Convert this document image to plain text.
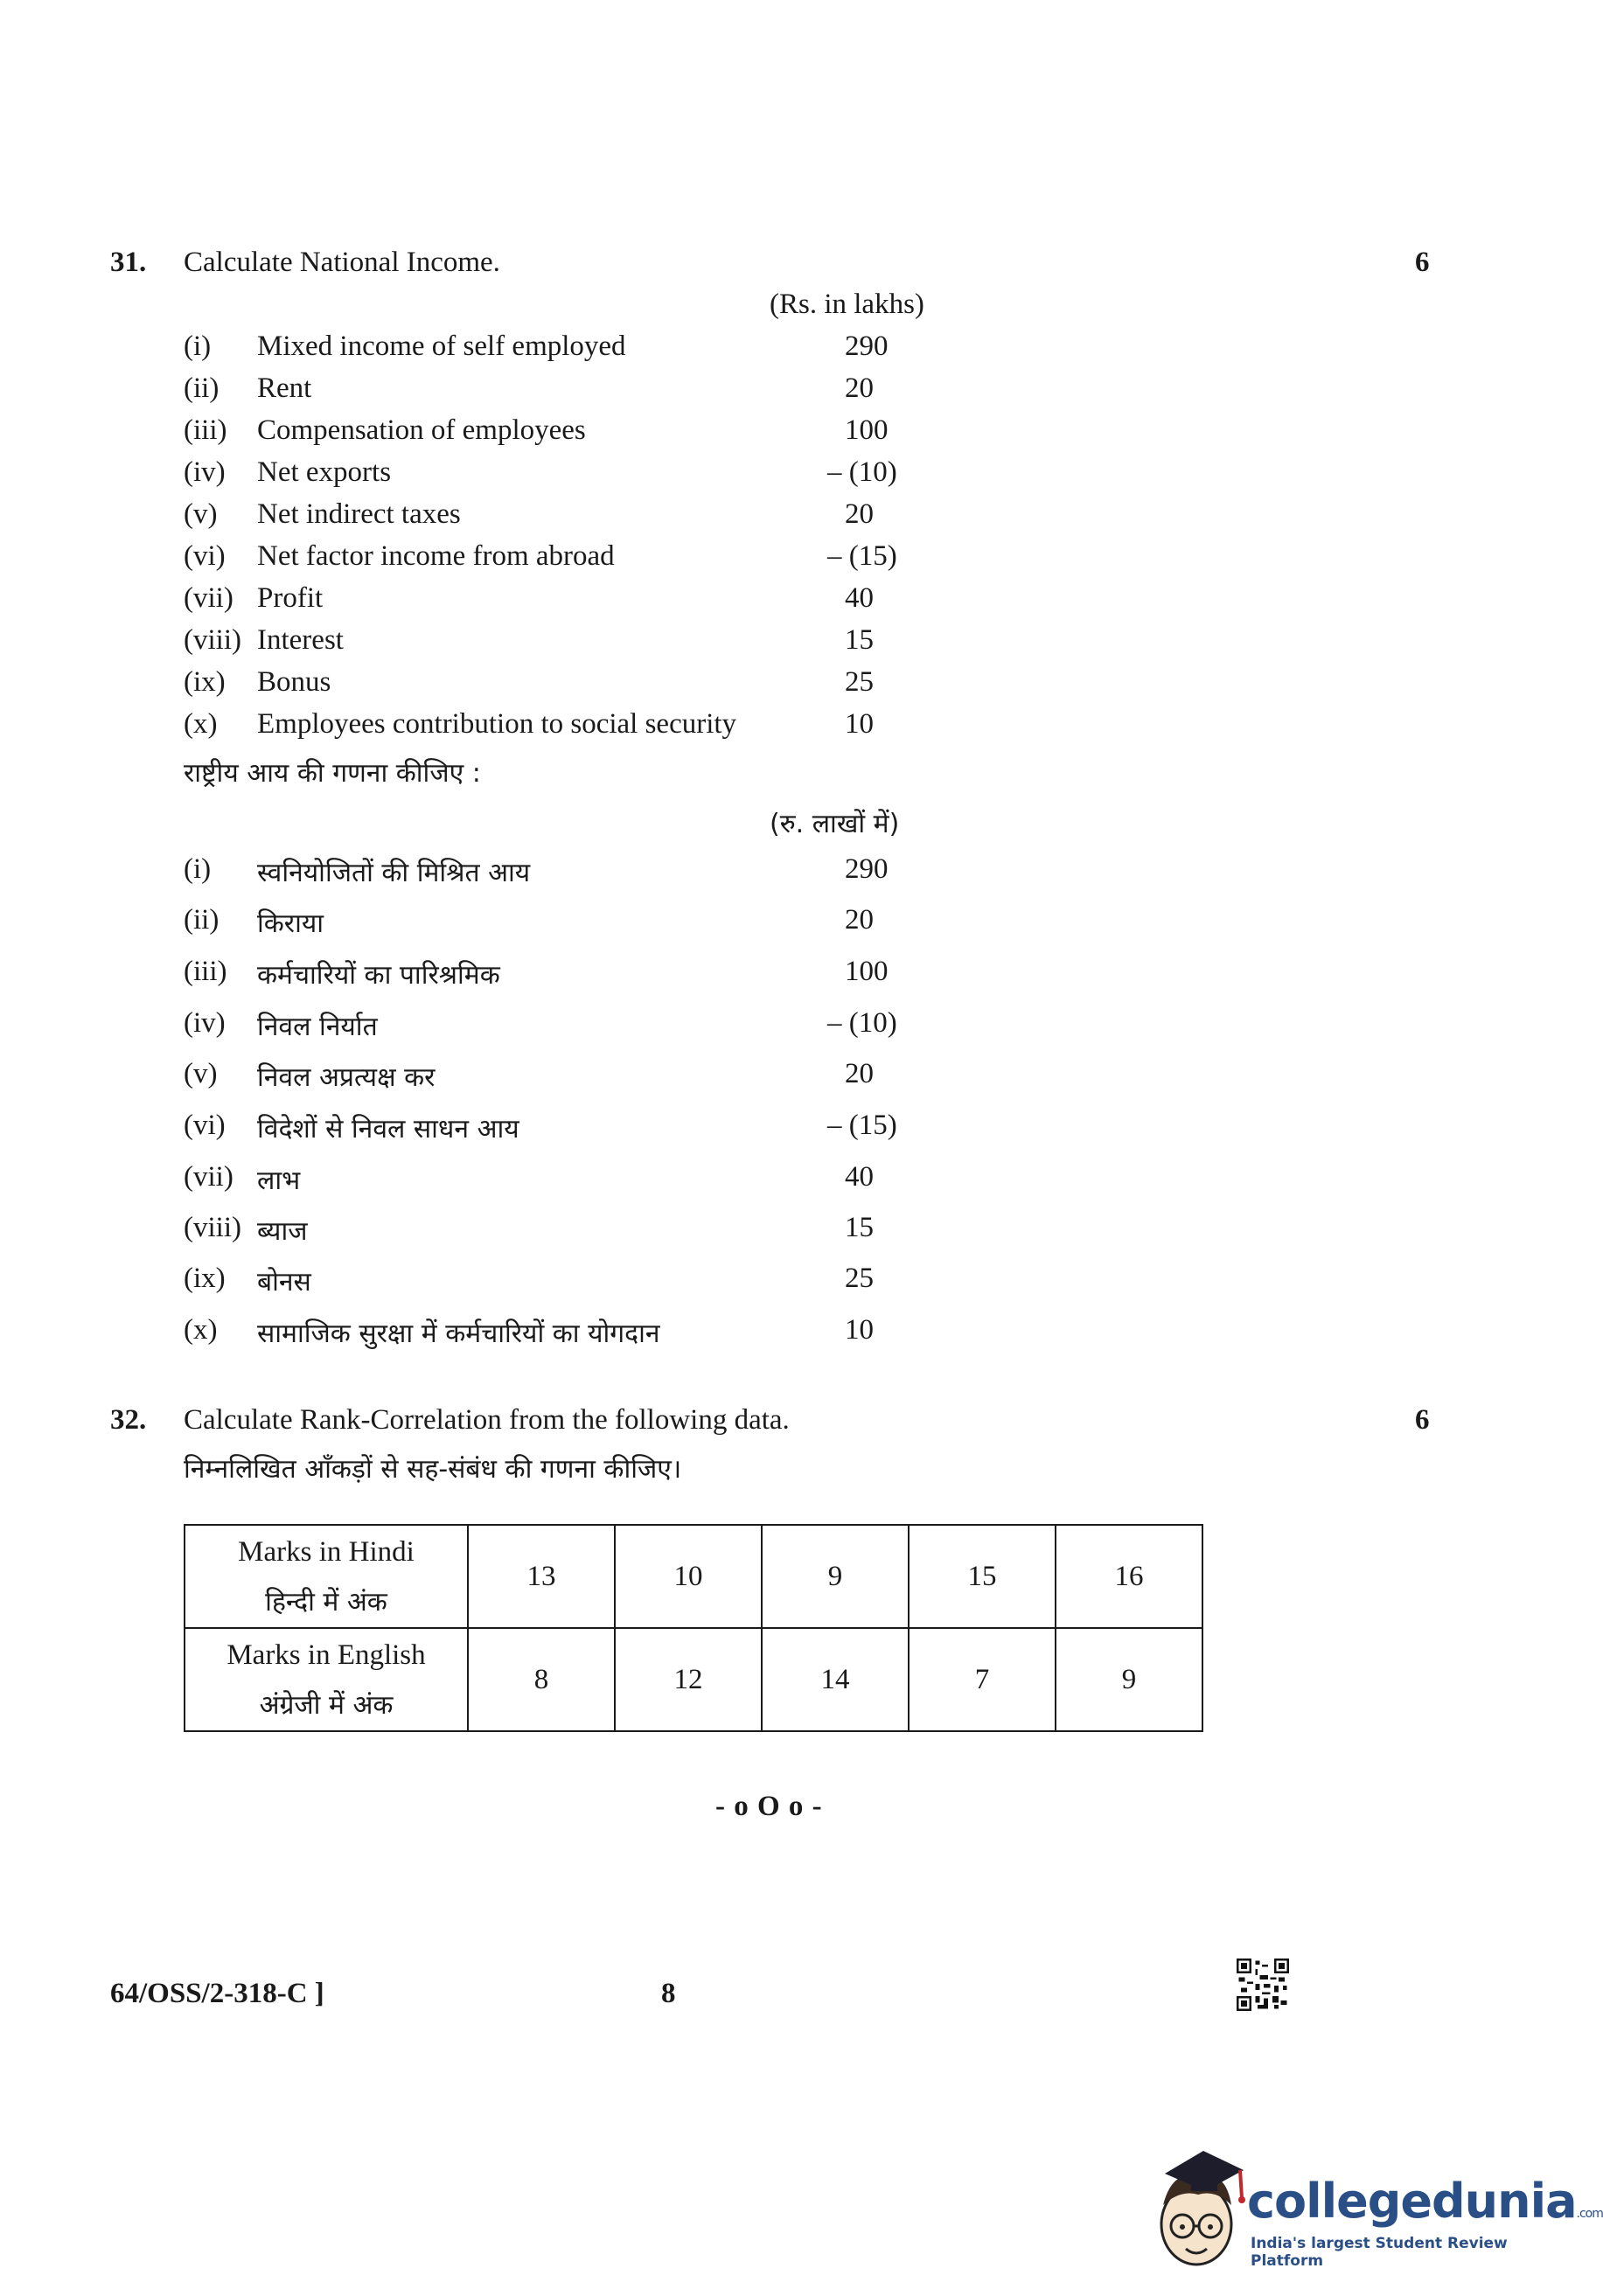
31. Calculate National Income.	6
(Rs. in lakhs)
(i) Mixed income of self employed	290
(ii) Rent	20
(iii) Compensation of employees	100
(iv) Net exports	– (10)
(v) Net indirect taxes	20
(vi) Net factor income from abroad	– (15)
(vii) Profit	40
(viii) Interest	15
(ix) Bonus	25
(x) Employees contribution to social security	10
राष्ट्रीय आय की गणना कीजिए :
(रु. लाखों में)
(i) स्वनियोजितों की मिश्रित आय	290
(ii) किराया	20
(iii) कर्मचारियों का पारिश्रमिक	100
(iv) निवल निर्यात	– (10)
(v) निवल अप्रत्यक्ष कर	20
(vi) विदेशों से निवल साधन आय	– (15)
(vii) लाभ	40
(viii) ब्याज	15
(ix) बोनस	25
(x) सामाजिक सुरक्षा में कर्मचारियों का योगदान	10
32. Calculate Rank-Correlation from the following data.	6
निम्नलिखित आँकड़ों से सह-संबंध की गणना कीजिए।
Marks in Hindi
हिन्दी में अंक	13	10	9	15	16

Marks in English
अंग्रेजी में अंक	8	12	14	7	9
- o O o -
64/OSS/2-318-C ]	8
collegedunia.com
India's largest Student Review Platform
